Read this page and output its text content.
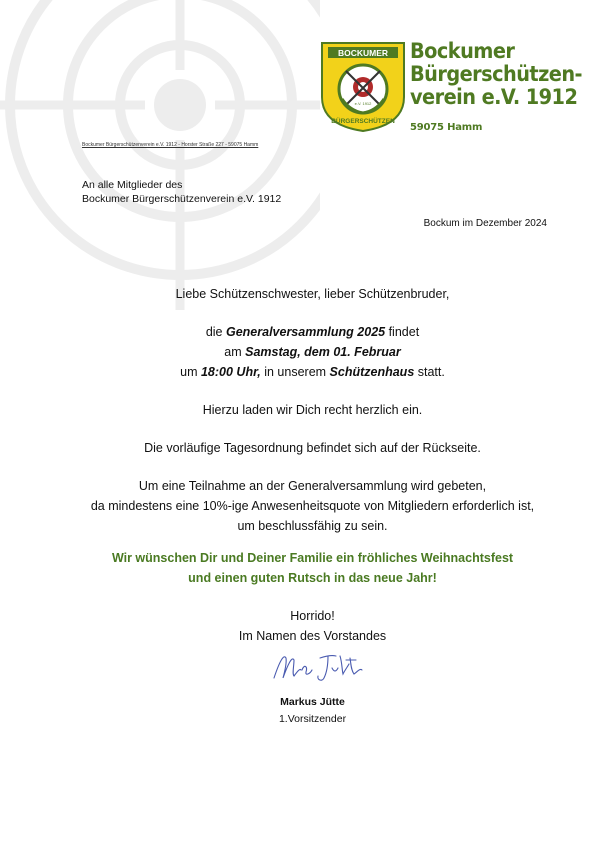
BOCKUMER
e.V. 1912
BÜRGERSCHÜTZEN
Bockumer
Bürgerschützen-
verein e.V. 1912
59075 Hamm
Bockumer Bürgerschützenverein e.V. 1912 - Horster Straße 227 - 59075 Hamm
An alle Mitglieder des
Bockumer Bürgerschützenverein e.V. 1912
Bockum im Dezember 2024

Liebe Schützenschwester, lieber Schützenbruder,

die Generalversammlung 2025 findet

am Samstag, dem 01. Februar

um 18:00 Uhr, in unserem Schützenhaus statt.

Hierzu laden wir Dich recht herzlich ein.

Die vorläufige Tagesordnung befindet sich auf der Rückseite.

Um eine Teilnahme an der Generalversammlung wird gebeten,

da mindestens eine 10%-ige Anwesenheitsquote von Mitgliedern erforderlich ist,

um beschlussfähig zu sein.

Wir wünschen Dir und Deiner Familie ein fröhliches Weihnachtsfest

und einen guten Rutsch in das neue Jahr!

Horrido!

Im Namen des Vorstandes

Markus Jütte
1.Vorsitzender
